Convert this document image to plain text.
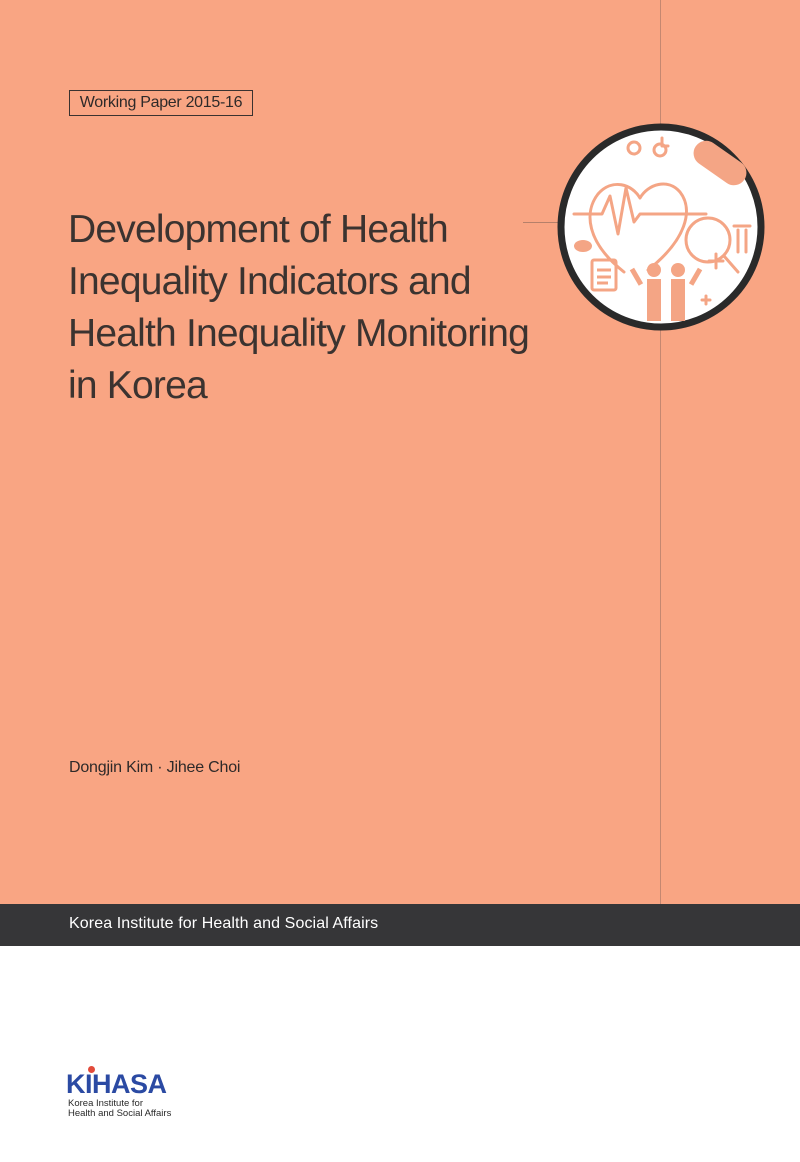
Working Paper 2015-16
Development of Health
Inequality Indicators and
Health Inequality Monitoring
in Korea
Dongjin Kim · Jihee Choi
Korea Institute for Health and Social Affairs
KIHASA
Korea Institute for
Health and Social Affairs
